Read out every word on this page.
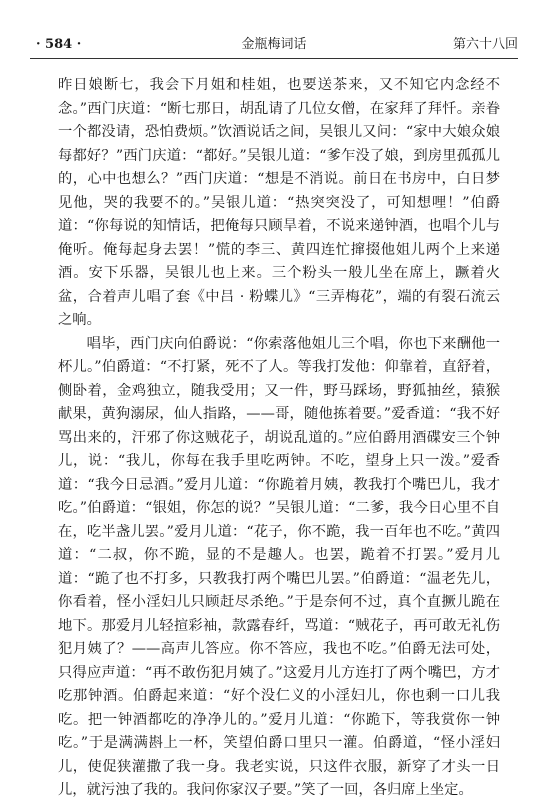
· 584 ·	金瓶梅词话	第六十八回

昨日娘断七，我会下月姐和桂姐，也要送茶来，又不知它内念经不念。”西门庆道：“断七那日，胡乱请了几位女僧，在家拜了拜忏。亲眷一个都没请，恐怕费烦。”饮酒说话之间，吴银儿又问：“家中大娘众娘每都好？”西门庆道：“都好。”吴银儿道：“爹乍没了娘，到房里孤孤儿的，心中也想么？”西门庆道：“想是不消说。前日在书房中，白日梦见他，哭的我要不的。”吴银儿道：“热突突没了，可知想哩！”伯爵道：“你每说的知情话，把俺每只顾旱着，不说来递钟酒，也唱个儿与俺听。俺每起身去罢！”慌的李三、黄四连忙撺掇他姐儿两个上来递酒。安下乐器，吴银儿也上来。三个粉头一般儿坐在席上，蹶着火盆，合着声儿唱了套《中吕 · 粉蝶儿》“三弄梅花”，端的有裂石流云之响。

唱毕，西门庆向伯爵说：“你索落他姐儿三个唱，你也下来酬他一杯儿。”伯爵道：“不打紧，死不了人。等我打发他：仰靠着，直舒着，侧卧着，金鸡独立，随我受用；又一件，野马踩场，野狐抽丝，猿猴献果，黄狗溺尿，仙人指路，——哥，随他拣着要。”爱香道：“我不好骂出来的，汗邪了你这贼花子，胡说乱道的。”应伯爵用酒碟安三个钟儿，说：“我儿，你每在我手里吃两钟。不吃，望身上只一泼。”爱香道：“我今日忌酒。”爱月儿道：“你跪着月姨，教我打个嘴巴儿，我才吃。”伯爵道：“银姐，你怎的说？”吴银儿道：“二爹，我今日心里不自在，吃半盏儿罢。”爱月儿道：“花子，你不跪，我一百年也不吃。”黄四道：“二叔，你不跪，显的不是趣人。也罢，跪着不打罢。”爱月儿道：“跪了也不打多，只教我打两个嘴巴儿罢。”伯爵道：“温老先儿，你看着，怪小淫妇儿只顾赶尽杀绝。”于是奈何不过，真个直撅儿跪在地下。那爱月儿轻揎彩袖，款露春纤，骂道：“贼花子，再可敢无礼伤犯月姨了？——高声儿答应。你不答应，我也不吃。”伯爵无法可处，只得应声道：“再不敢伤犯月姨了。”这爱月儿方连打了两个嘴巴，方才吃那钟酒。伯爵起来道：“好个没仁义的小淫妇儿，你也剩一口儿我吃。把一钟酒都吃的净净儿的。”爱月儿道：“你跪下，等我赏你一钟吃。”于是满满斟上一杯，笑望伯爵口里只一灌。伯爵道，“怪小淫妇儿，使促狭灌撒了我一身。我老实说，只这件衣服，新穿了才头一日儿，就污浊了我的。我问你家汉子要。”笑了一回，各归席上坐定。
